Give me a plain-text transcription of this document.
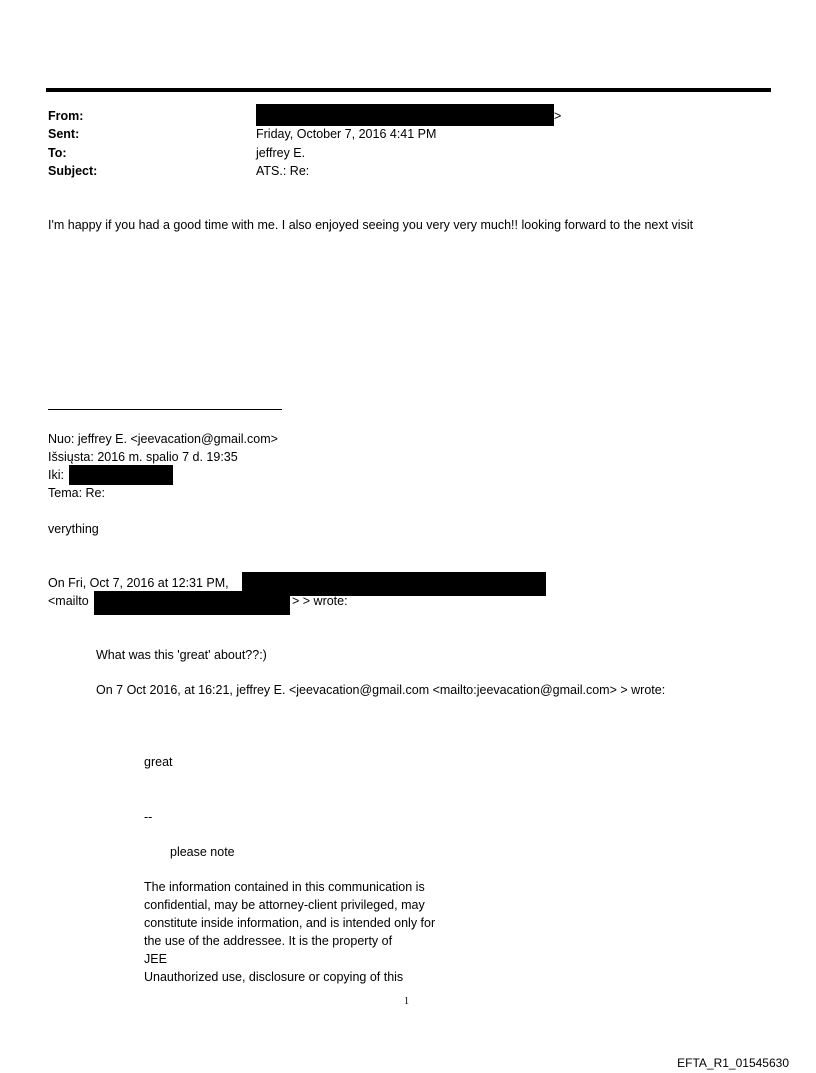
From:	>
Sent:	Friday, October 7, 2016 4:41 PM
To:	jeffrey E.
Subject:	ATS.: Re:
I'm happy if you had a good time with me. I also enjoyed seeing you very very much!! looking forward to the next visit
Nuo: jeffrey E. <jeevacation@gmail.com>
Išsiųsta: 2016 m. spalio 7 d. 19:35
Iki:
Tema: Re:
verything
On Fri, Oct 7, 2016 at 12:31 PM,
<mailto	> > wrote:
What was this 'great' about??:)
On 7 Oct 2016, at 16:21, jeffrey E. <jeevacation@gmail.com <mailto:jeevacation@gmail.com> > wrote:
great
--
please note
The information contained in this communication is
confidential, may be attorney-client privileged, may
constitute inside information, and is intended only for
the use of the addressee. It is the property of
JEE
Unauthorized use, disclosure or copying of this
1
EFTA_R1_01545630
